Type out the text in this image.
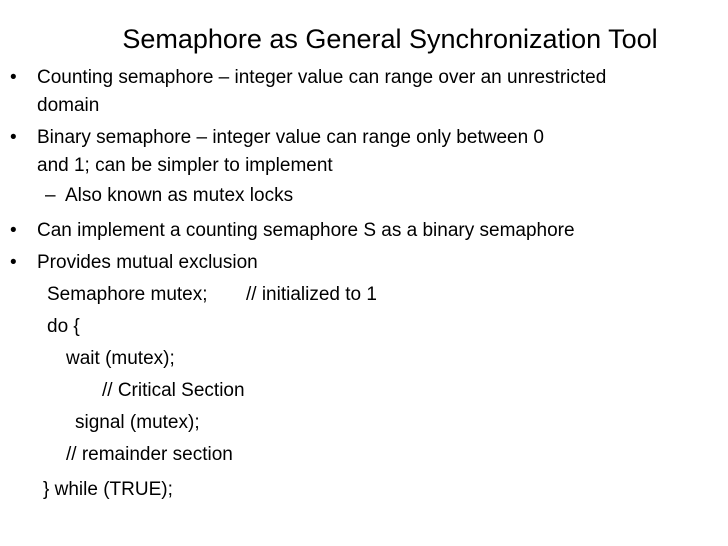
Semaphore as General Synchronization Tool
• Counting semaphore – integer value can range over an unrestricted
domain
• Binary semaphore – integer value can range only between 0
and 1; can be simpler to implement
– Also known as mutex locks
• Can implement a counting semaphore S as a binary semaphore
• Provides mutual exclusion
Semaphore mutex; // initialized to 1
do {
wait (mutex);
// Critical Section
signal (mutex);
// remainder section
} while (TRUE);
